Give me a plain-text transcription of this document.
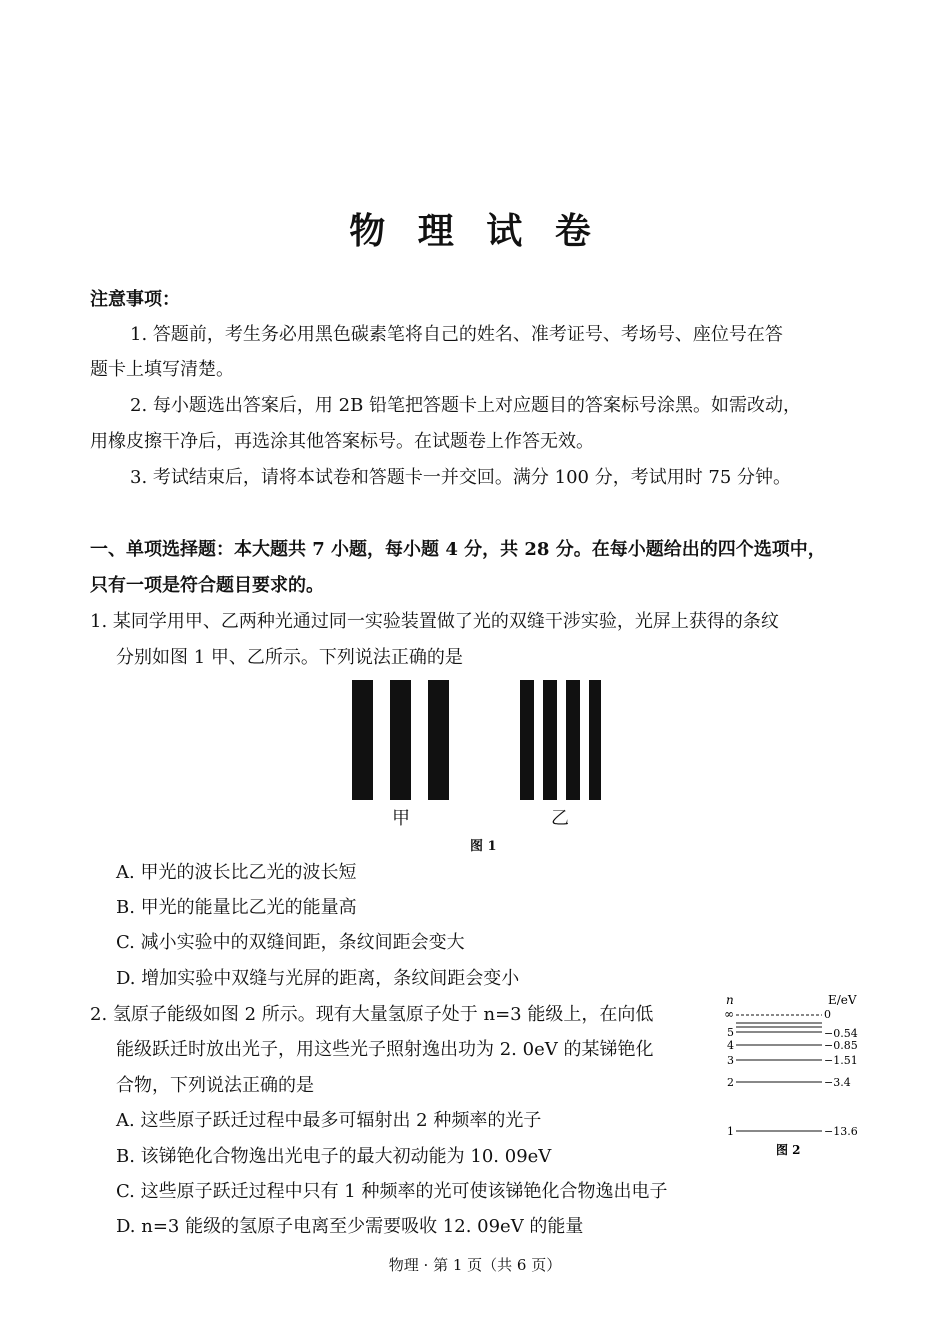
物 理 试 卷
注意事项：
1. 答题前，考生务必用黑色碳素笔将自己的姓名、准考证号、考场号、座位号在答
题卡上填写清楚。
2. 每小题选出答案后，用 2B 铅笔把答题卡上对应题目的答案标号涂黑。如需改动，
用橡皮擦干净后，再选涂其他答案标号。在试题卷上作答无效。
3. 考试结束后，请将本试卷和答题卡一并交回。满分 100 分，考试用时 75 分钟。
一、单项选择题：本大题共 7 小题，每小题 4 分，共 28 分。在每小题给出的四个选项中，
只有一项是符合题目要求的。
1. 某同学用甲、乙两种光通过同一实验装置做了光的双缝干涉实验，光屏上获得的条纹
分别如图 1 甲、乙所示。下列说法正确的是
甲	乙
图 1
A. 甲光的波长比乙光的波长短
B. 甲光的能量比乙光的能量高
C. 减小实验中的双缝间距，条纹间距会变大
D. 增加实验中双缝与光屏的距离，条纹间距会变小
2. 氢原子能级如图 2 所示。现有大量氢原子处于 n=3 能级上，在向低
能级跃迁时放出光子，用这些光子照射逸出功为 2. 0eV 的某锑铯化
合物，下列说法正确的是
A. 这些原子跃迁过程中最多可辐射出 2 种频率的光子
B. 该锑铯化合物逸出光电子的最大初动能为 10. 09eV
C. 这些原子跃迁过程中只有 1 种频率的光可使该锑铯化合物逸出电子
D. n=3 能级的氢原子电离至少需要吸收 12. 09eV 的能量
n	E/eV
∞	0
5	−0.54
4	−0.85
3	−1.51
2	−3.4
1	−13.6
图 2
物理 · 第 1 页（共 6 页）
